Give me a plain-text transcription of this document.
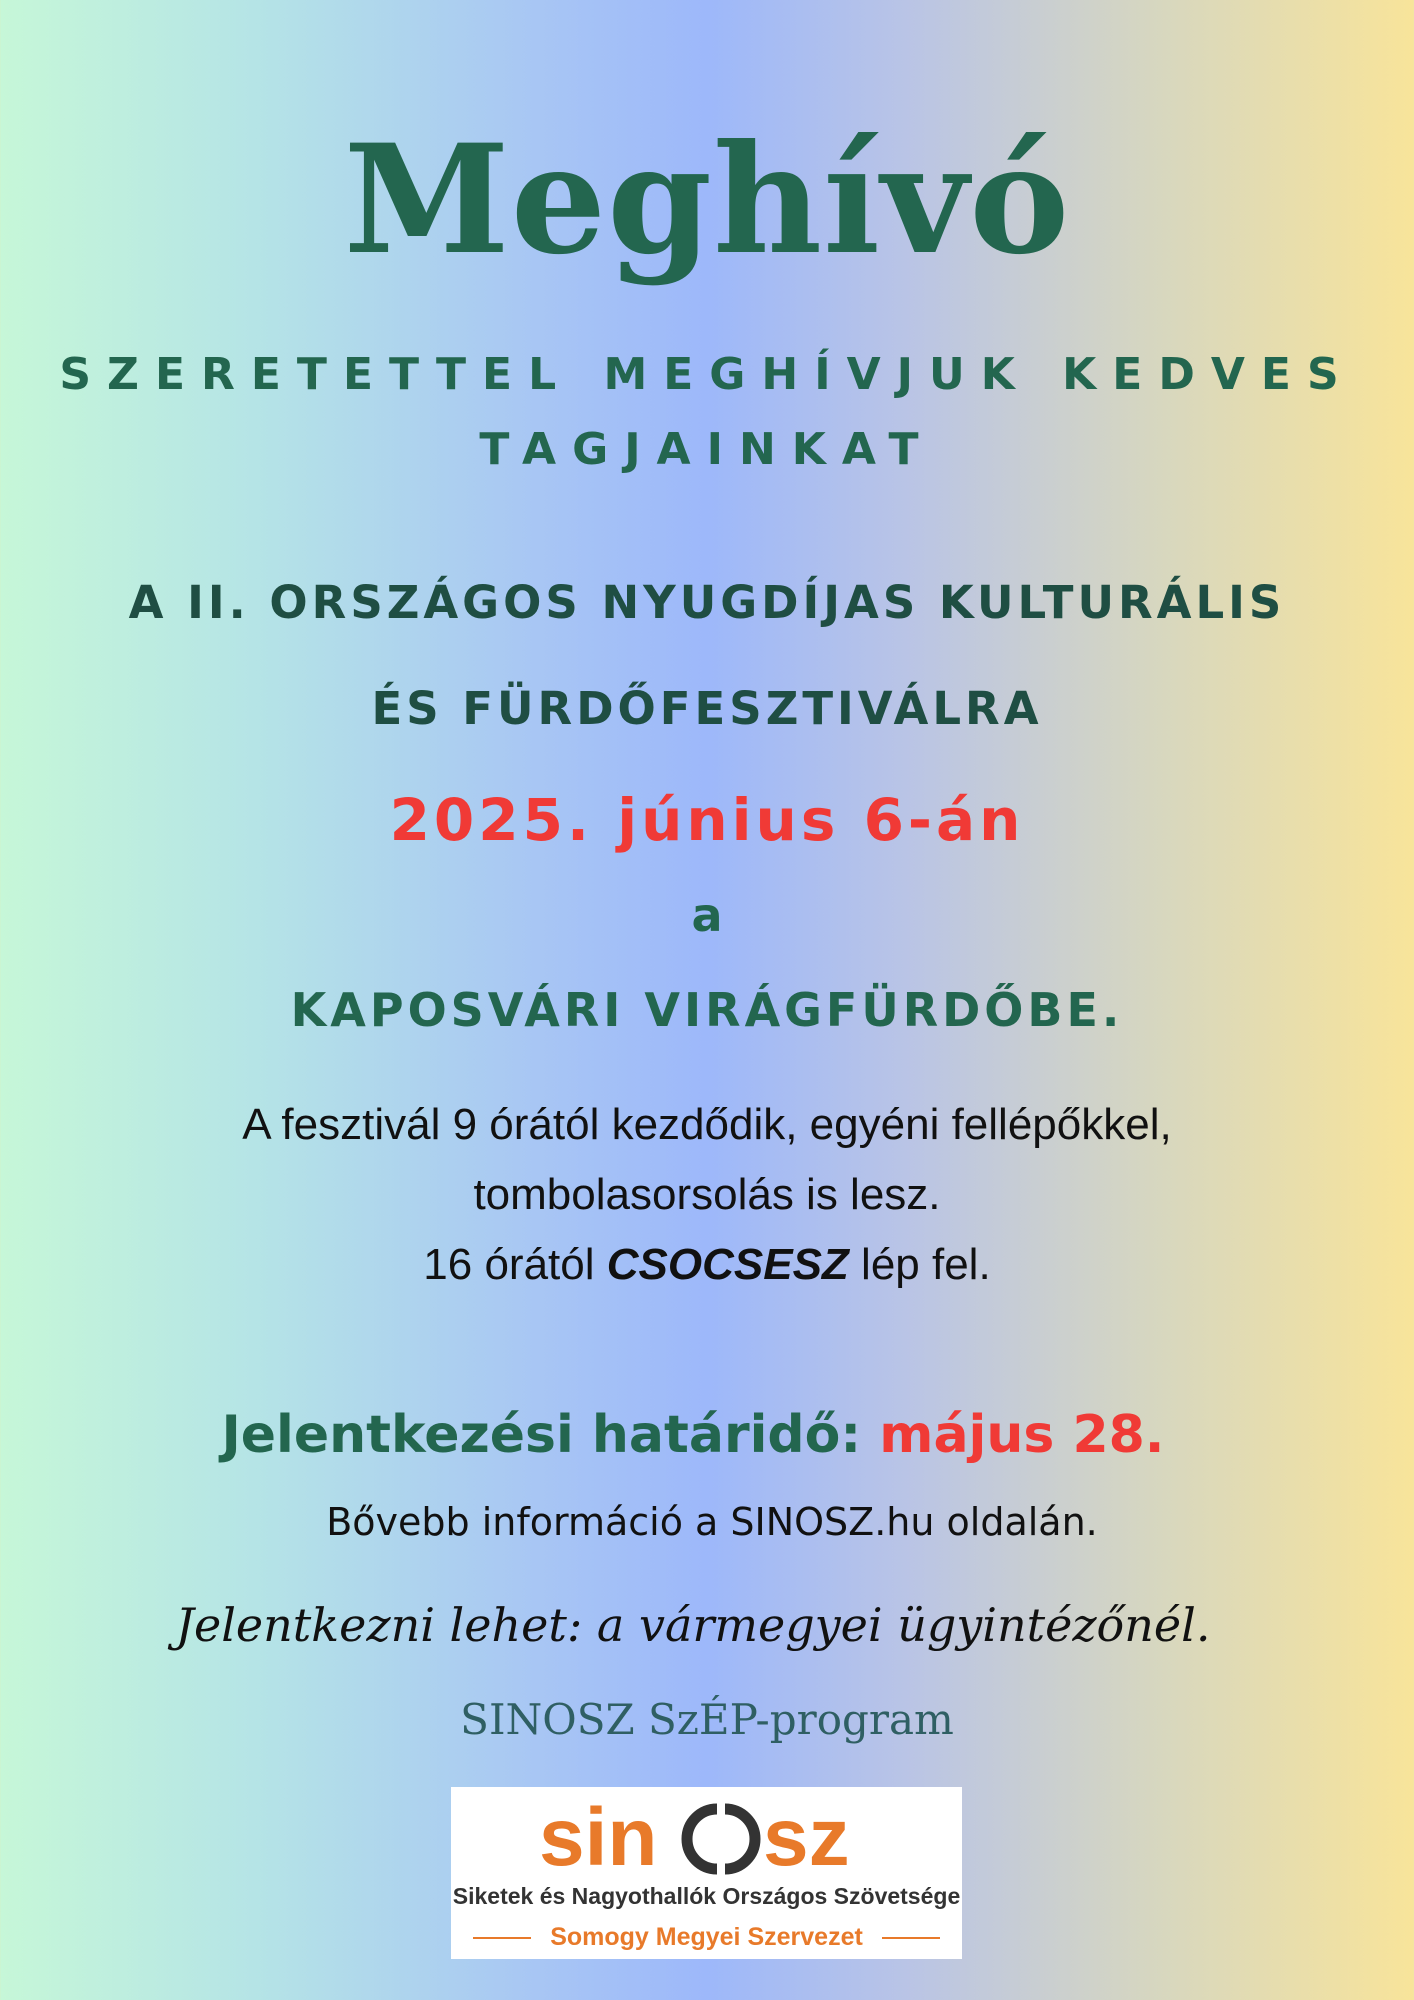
Meghívó
SZERETETTEL MEGHÍVJUK KEDVES
TAGJAINKAT
A II. ORSZÁGOS NYUGDÍJAS KULTURÁLIS
ÉS FÜRDŐFESZTIVÁLRA
2025. június 6-án
a
KAPOSVÁRI VIRÁGFÜRDŐBE.
A fesztivál 9 órától kezdődik, egyéni fellépőkkel,
tombolasorsolás is lesz.
16 órától CSOCSESZ lép fel.
Jelentkezési határidő: május 28.
Bővebb információ a SINOSZ.hu oldalán.
Jelentkezni lehet: a vármegyei ügyintézőnél.
SINOSZ SzÉP-program
sin sz
Siketek és Nagyothallók Országos Szövetsége
Somogy Megyei Szervezet
